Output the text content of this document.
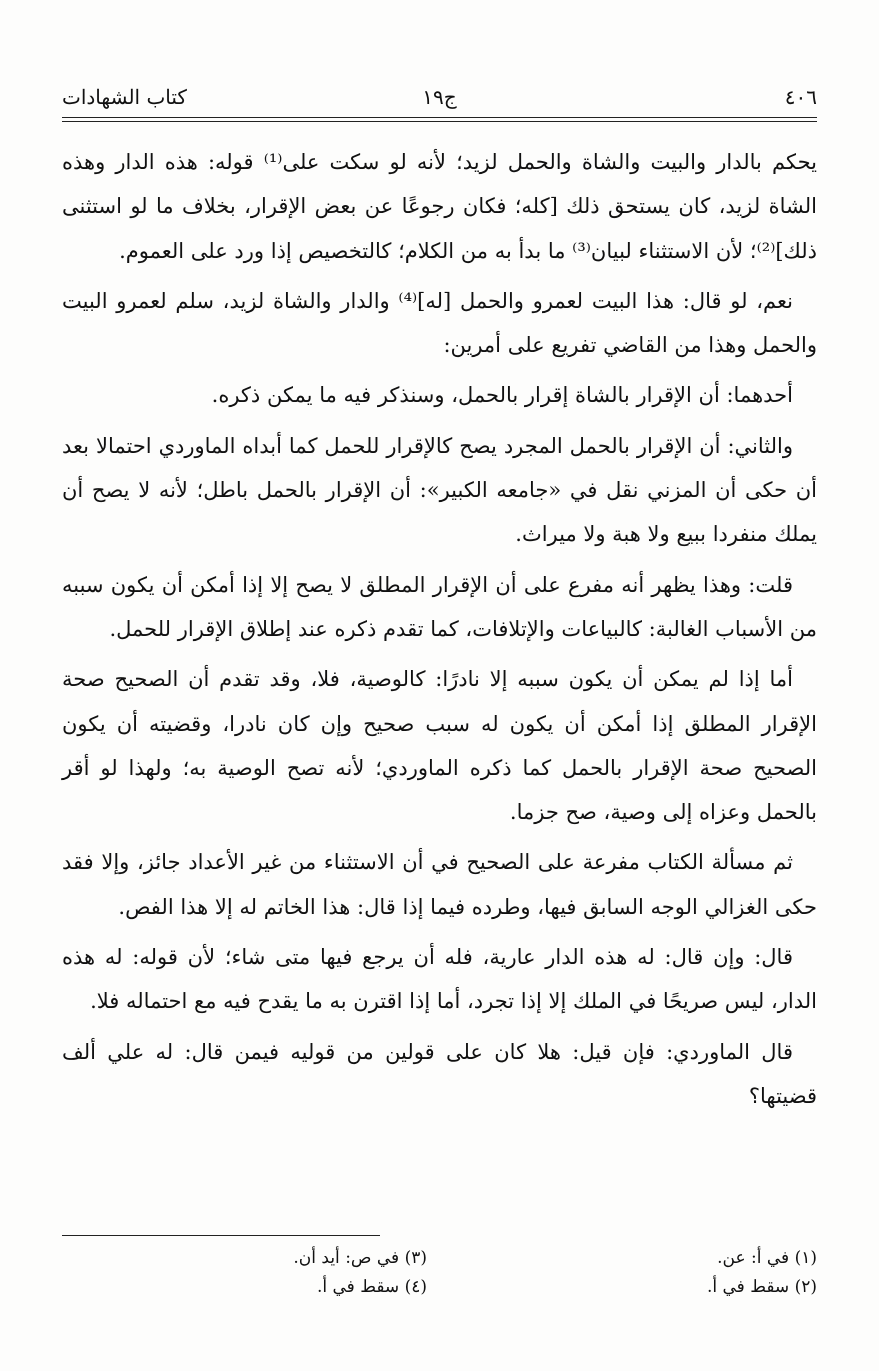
٤٠٦
ج١٩
كتاب الشهادات

يحكم بالدار والبيت والشاة والحمل لزيد؛ لأنه لو سكت على⁽¹⁾ قوله: هذه الدار وهذه الشاة لزيد، كان يستحق ذلك [كله؛ فكان رجوعًا عن بعض الإقرار، بخلاف ما لو استثنى ذلك]⁽²⁾؛ لأن الاستثناء لبيان⁽³⁾ ما بدأ به من الكلام؛ كالتخصيص إذا ورد على العموم.

نعم، لو قال: هذا البيت لعمرو والحمل [له]⁽⁴⁾ والدار والشاة لزيد، سلم لعمرو البيت والحمل وهذا من القاضي تفريع على أمرين:

أحدهما: أن الإقرار بالشاة إقرار بالحمل، وسنذكر فيه ما يمكن ذكره.

والثاني: أن الإقرار بالحمل المجرد يصح كالإقرار للحمل كما أبداه الماوردي احتمالا بعد أن حكى أن المزني نقل في «جامعه الكبير»: أن الإقرار بالحمل باطل؛ لأنه لا يصح أن يملك منفردا ببيع ولا هبة ولا ميراث.

قلت: وهذا يظهر أنه مفرع على أن الإقرار المطلق لا يصح إلا إذا أمكن أن يكون سببه من الأسباب الغالبة: كالبياعات والإتلافات، كما تقدم ذكره عند إطلاق الإقرار للحمل.

أما إذا لم يمكن أن يكون سببه إلا نادرًا: كالوصية، فلا، وقد تقدم أن الصحيح صحة الإقرار المطلق إذا أمكن أن يكون له سبب صحيح وإن كان نادرا، وقضيته أن يكون الصحيح صحة الإقرار بالحمل كما ذكره الماوردي؛ لأنه تصح الوصية به؛ ولهذا لو أقر بالحمل وعزاه إلى وصية، صح جزما.

ثم مسألة الكتاب مفرعة على الصحيح في أن الاستثناء من غير الأعداد جائز، وإلا فقد حكى الغزالي الوجه السابق فيها، وطرده فيما إذا قال: هذا الخاتم له إلا هذا الفص.

قال: وإن قال: له هذه الدار عارية، فله أن يرجع فيها متى شاء؛ لأن قوله: له هذه الدار، ليس صريحًا في الملك إلا إذا تجرد، أما إذا اقترن به ما يقدح فيه مع احتماله فلا.

قال الماوردي: فإن قيل: هلا كان على قولين من قوليه فيمن قال: له علي ألف قضيتها؟

(١) في أ: عن.
(٢) سقط في أ.
(٣) في ص: أيد أن.
(٤) سقط في أ.
